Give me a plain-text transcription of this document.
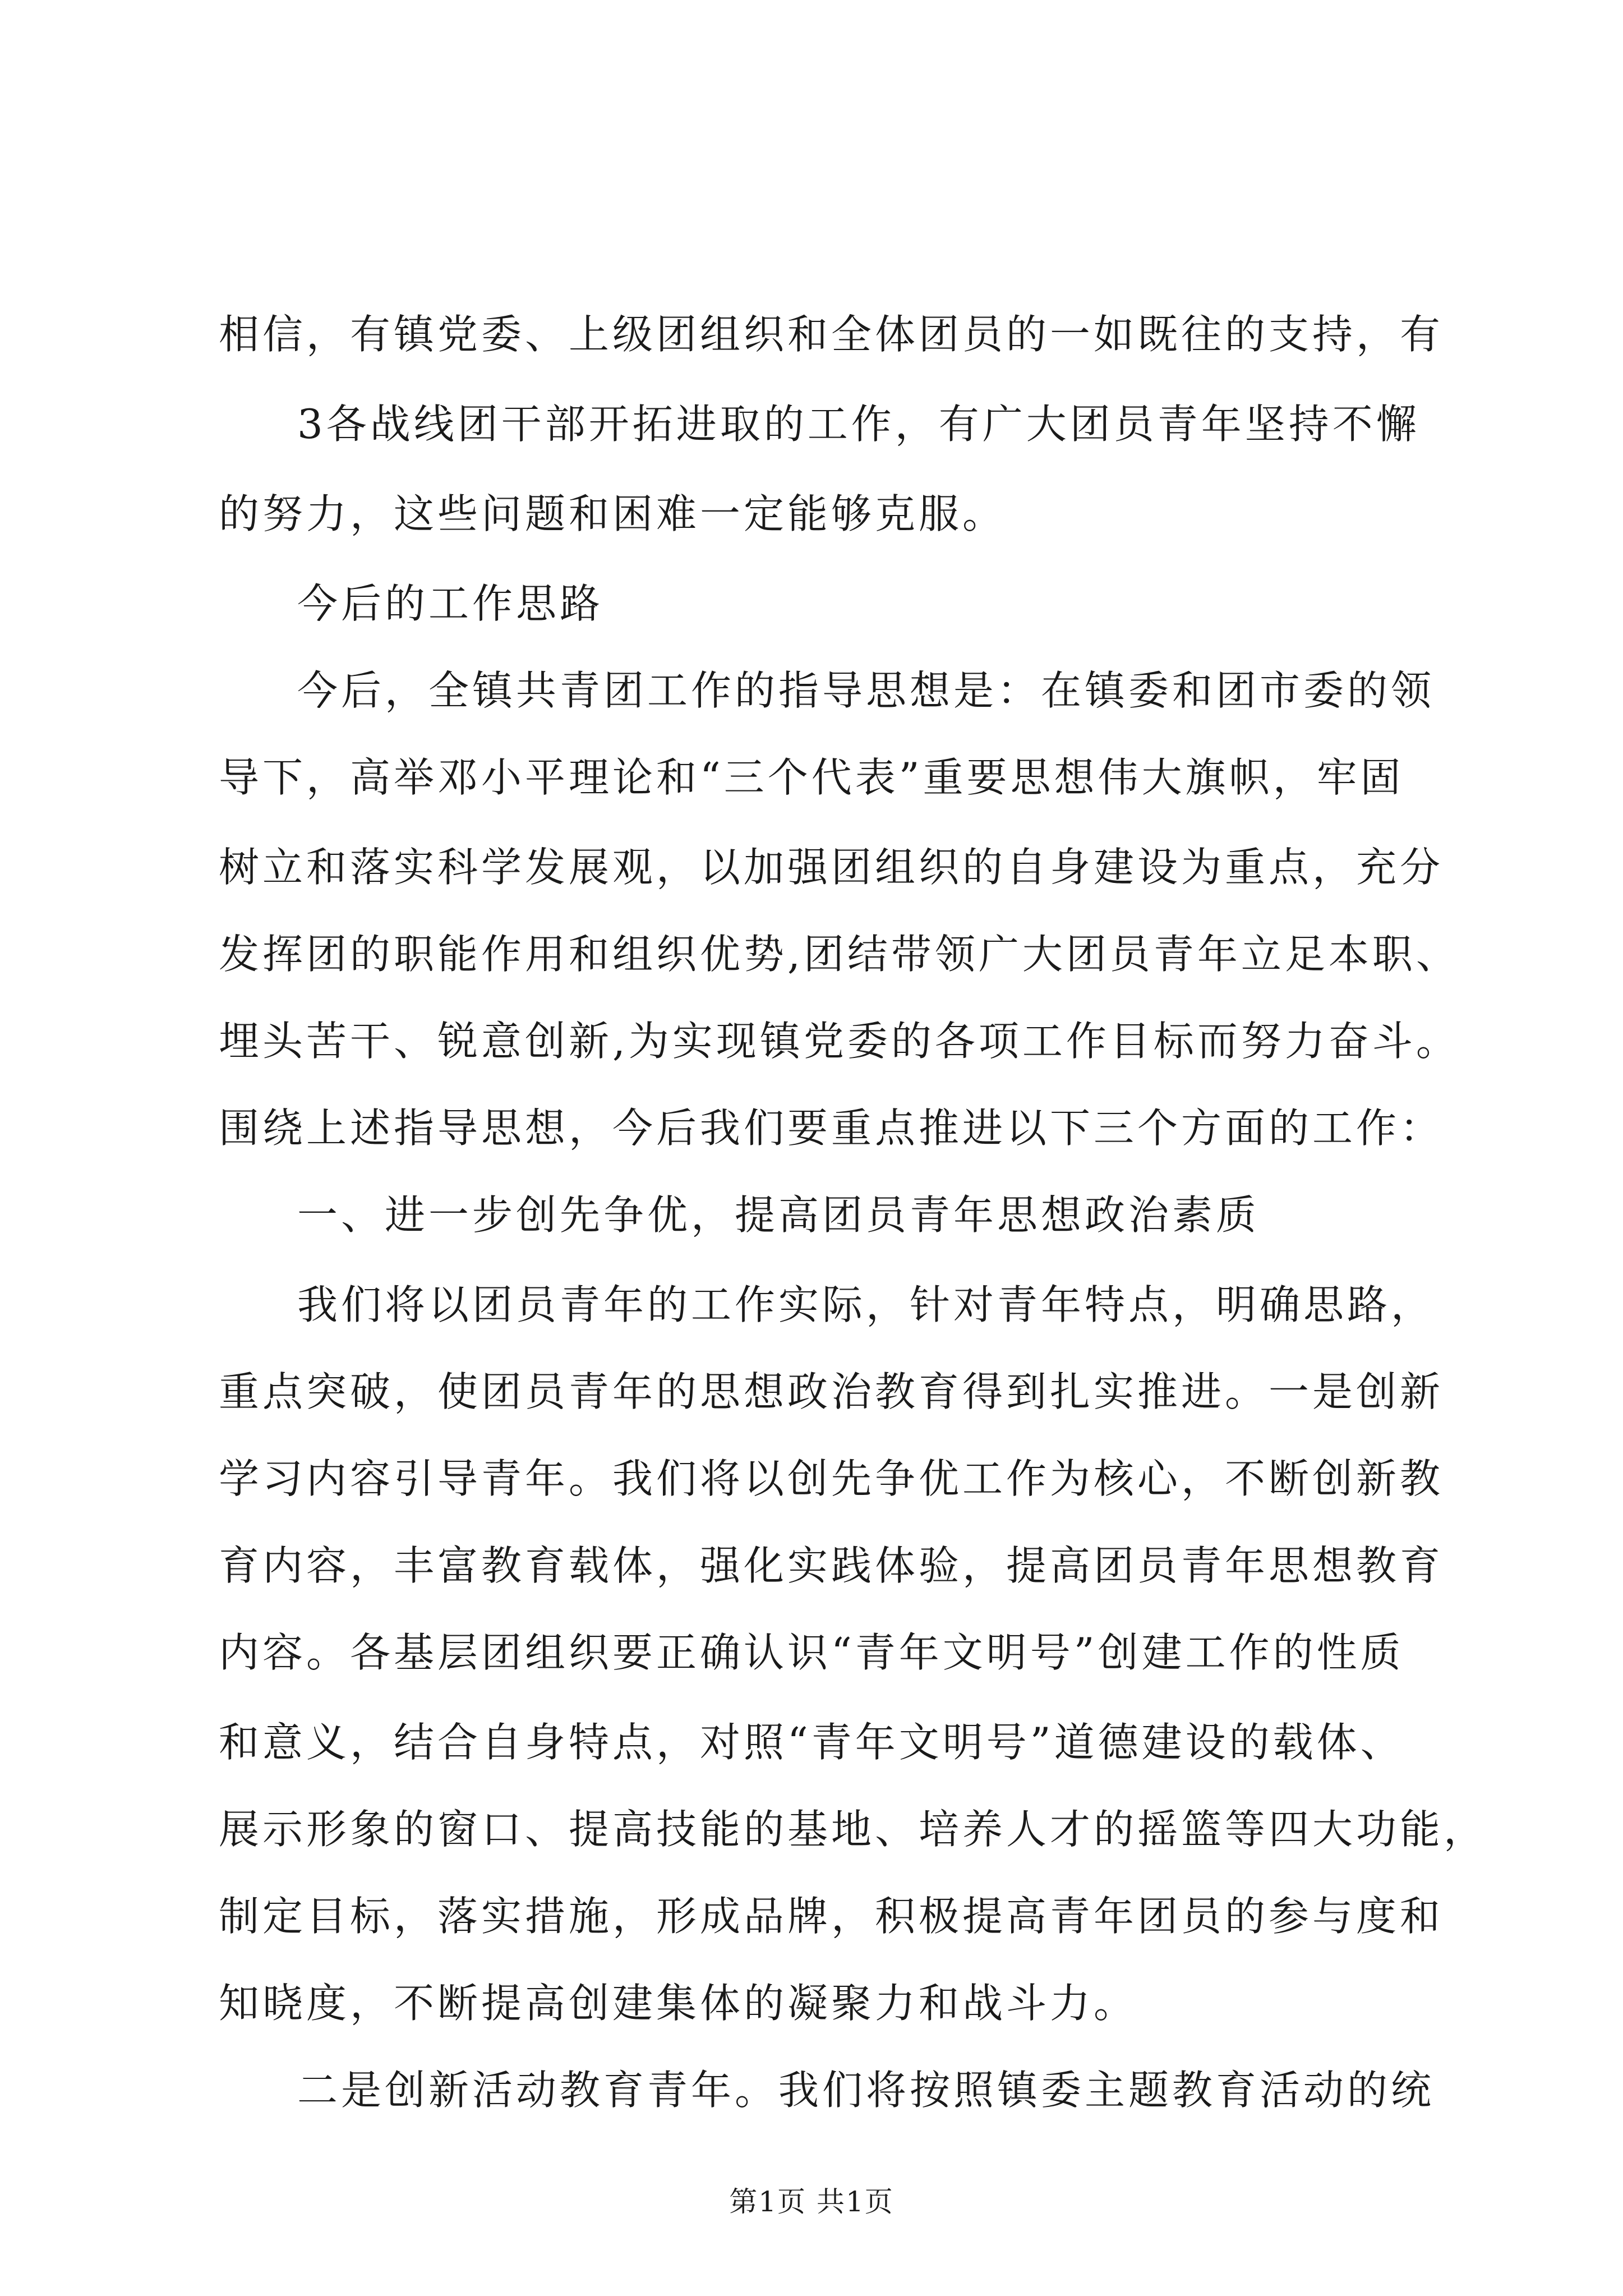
相信，有镇党委、上级团组织和全体团员的一如既往的支持，有
3各战线团干部开拓进取的工作，有广大团员青年坚持不懈
的努力，这些问题和困难一定能够克服。
今后的工作思路
今后，全镇共青团工作的指导思想是：在镇委和团市委的领
导下，高举邓小平理论和“三个代表”重要思想伟大旗帜，牢固
树立和落实科学发展观，以加强团组织的自身建设为重点，充分
发挥团的职能作用和组织优势,团结带领广大团员青年立足本职、
埋头苦干、锐意创新,为实现镇党委的各项工作目标而努力奋斗。
围绕上述指导思想，今后我们要重点推进以下三个方面的工作：
一、进一步创先争优，提高团员青年思想政治素质
我们将以团员青年的工作实际，针对青年特点，明确思路，
重点突破，使团员青年的思想政治教育得到扎实推进。一是创新
学习内容引导青年。我们将以创先争优工作为核心，不断创新教
育内容，丰富教育载体，强化实践体验，提高团员青年思想教育
内容。各基层团组织要正确认识“青年文明号”创建工作的性质
和意义，结合自身特点，对照“青年文明号”道德建设的载体、
展示形象的窗口、提高技能的基地、培养人才的摇篮等四大功能，
制定目标，落实措施，形成品牌，积极提高青年团员的参与度和
知晓度，不断提高创建集体的凝聚力和战斗力。
二是创新活动教育青年。我们将按照镇委主题教育活动的统
第1页 共1页
